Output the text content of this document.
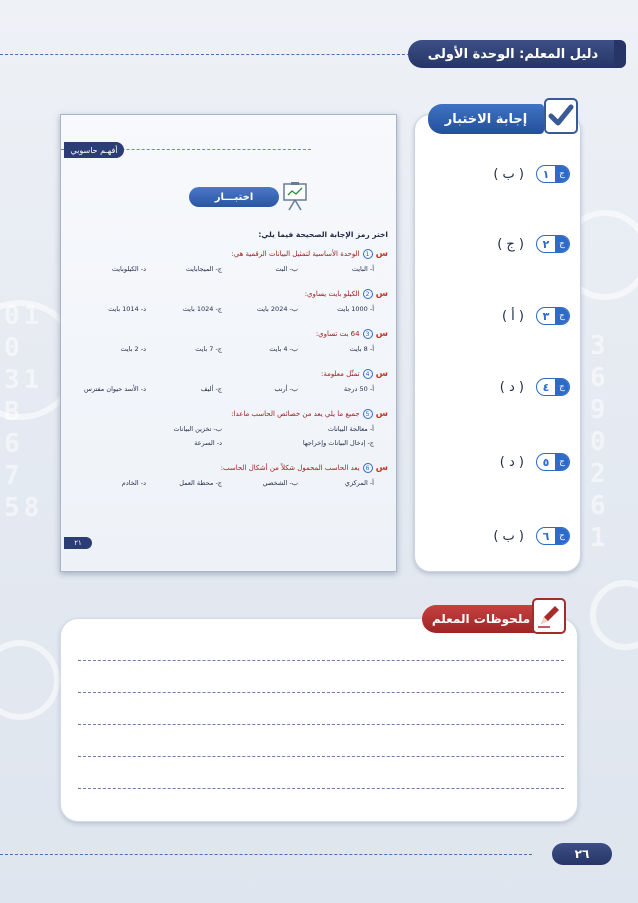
01
0
31
B
6
7
58
3
6
9
0
2
6
1
دليل المعلم: الوحدة الأولى
إجابة الاختبار
ج
١
( ب )
ج
٢
( ج )
ج
٣
( أ )
ج
٤
( د )
ج
٥
( د )
ج
٦
( ب )
أفهـم حاسوبي
اختبـــار
اختر رمز الإجابة الصحيحة فيما يلي:
س
1
الوحدة الأساسية لتمثيل البيانات الرقمية هي:
أ- البايت
ب- البت
ج- الميجابايت
د- الكيلوبايت
س
2
الكيلو بايت يساوي:
أ- 1000 بايت
ب- 2024 بايت
ج- 1024 بايت
د- 1014 بايت
س
3
64 بت تساوي:
أ- 8 بايت
ب- 4 بايت
ج- 7 بايت
د- 2 بايت
س
4
تمثّل معلومة:
أ- 50 درجة
ب- أرنب
ج- أليف
د- الأسد حيوان مفترس
س
5
جميع ما يلي يعد من خصائص الحاسب ماعدا:
أ- معالجة البيانات
ب- تخزين البيانات
ج- إدخال البيانات وإخراجها
د- السرعة
س
6
يعد الحاسب المحمول شكلاً من أشكال الحاسب:
أ- المركزي
ب- الشخصي
ج- محطة العمل
د- الخادم
٢١
ملحوظات المعلم
٢٦
